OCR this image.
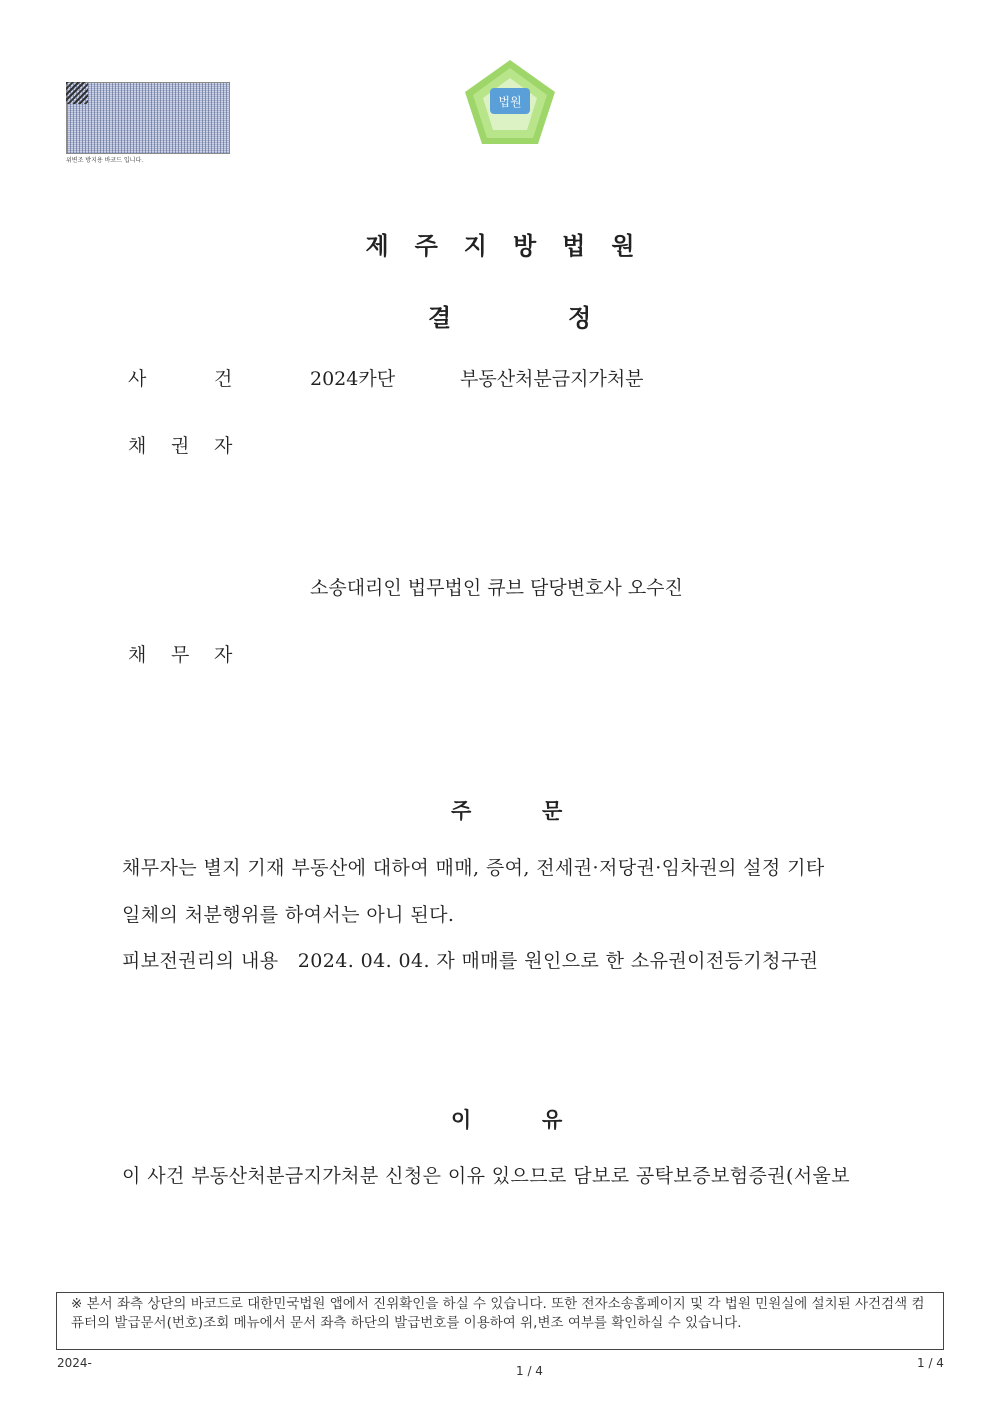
위변조 방지용 바코드 입니다.
법원
제주지방법원
결	정
사	건	2024카단	부동산처분금지가처분
채 권 자
소송대리인 법무법인 큐브 담당변호사 오수진
채 무 자
주	문
채무자는 별지 기재 부동산에 대하여 매매, 증여, 전세권·저당권·임차권의 설정 기타
일체의 처분행위를 하여서는 아니 된다.
피보전권리의 내용   2024. 04. 04. 자 매매를 원인으로 한 소유권이전등기청구권
이	유
이 사건 부동산처분금지가처분 신청은 이유 있으므로 담보로 공탁보증보험증권(서울보
※ 본서 좌측 상단의 바코드로 대한민국법원 앱에서 진위확인을 하실 수 있습니다. 또한 전자소송홈페이지 및 각 법원 민원실에 설치된 사건검색 컴퓨터의 발급문서(번호)조회 메뉴에서 문서 좌측 하단의 발급번호를 이용하여 위,변조 여부를 확인하실 수 있습니다.
2024-
1 / 4
1 / 4
